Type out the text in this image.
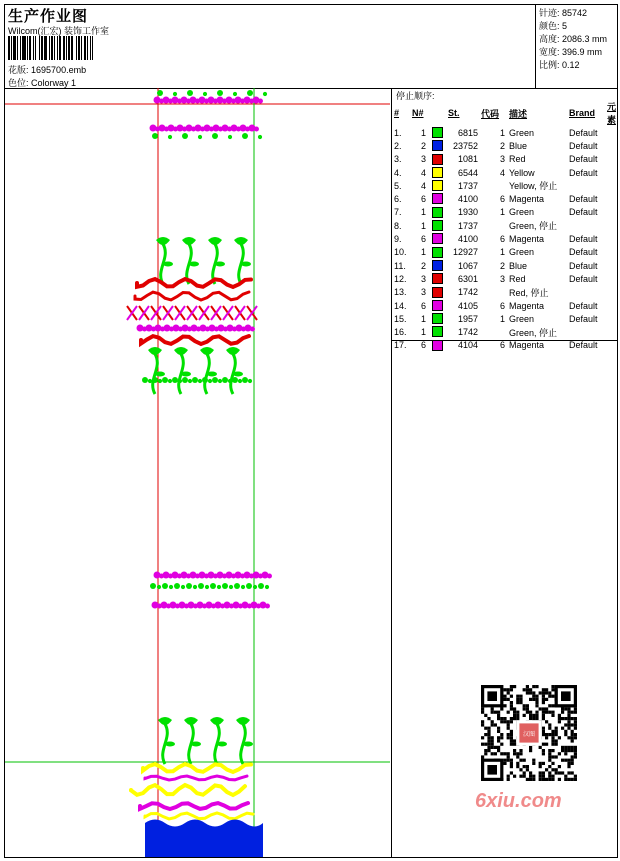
生产作业图
Wilcom(汇宏) 装饰工作室
花版: 1695700.emb
色位: Colorway 1
针迹: 85742
颜色: 5
高度: 2086.3 mm
宽度: 396.9 mm
比例: 0.12
停止顺序:
#	N#		St.	代码	描述	Brand	元素
1.	1		6815	1	Green	Default	
2.	2		23752	2	Blue	Default	
3.	3		1081	3	Red	Default	
4.	4		6544	4	Yellow	Default	
5.	4		1737		Yellow, 停止		
6.	6		4100	6	Magenta	Default	
7.	1		1930	1	Green	Default	
8.	1		1737		Green, 停止		
9.	6		4100	6	Magenta	Default	
10.	1		12927	1	Green	Default	
11.	2		1067	2	Blue	Default	
12.	3		6301	3	Red	Default	
13.	3		1742		Red, 停止		
14.	6		4105	6	Magenta	Default	
15.	1		1957	1	Green	Default	
16.	1		1742		Green, 停止		
17.	6		4104	6	Magenta	Default	
汉图
6xiu.com
